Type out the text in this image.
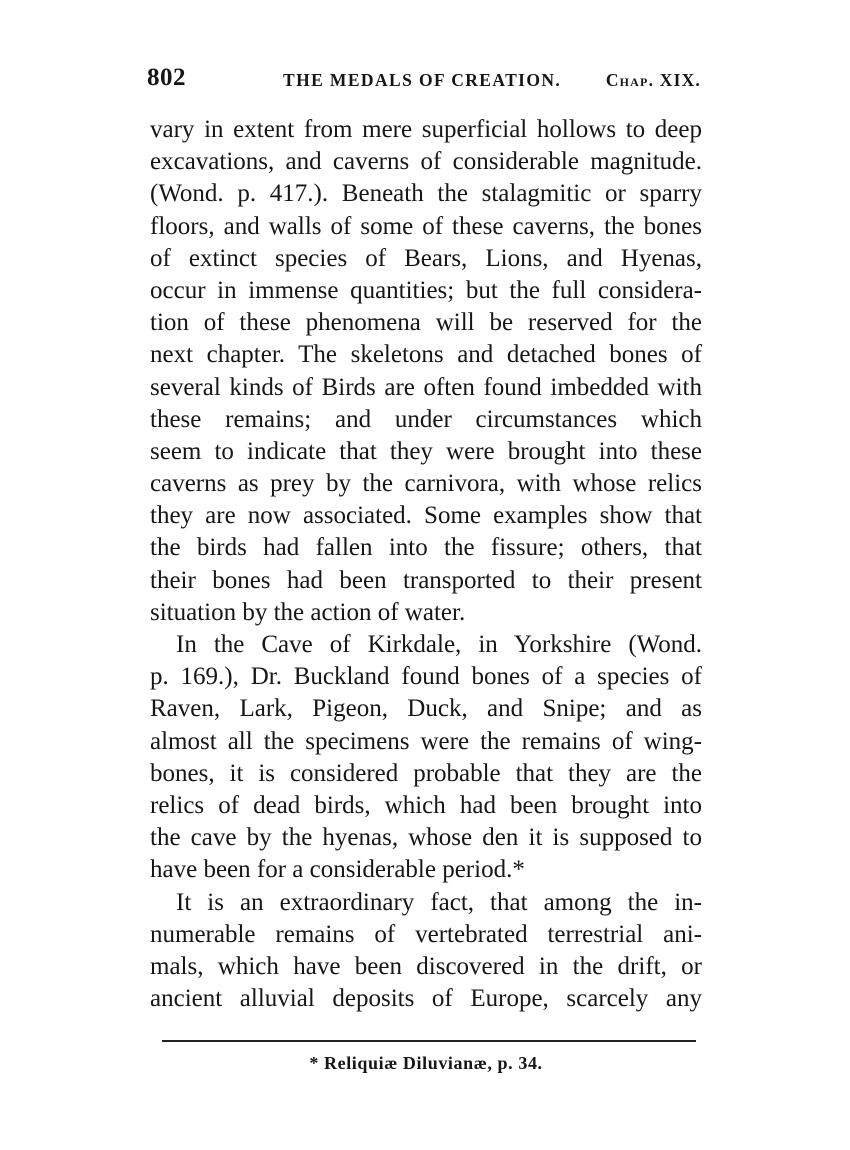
802	THE MEDALS OF CREATION.	Chap. XIX.
vary in extent from mere superficial hollows to deep
excavations, and caverns of considerable magnitude.
(Wond. p. 417.). Beneath the stalagmitic or sparry
floors, and walls of some of these caverns, the bones
of extinct species of Bears, Lions, and Hyenas,
occur in immense quantities; but the full considera-
tion of these phenomena will be reserved for the
next chapter. The skeletons and detached bones of
several kinds of Birds are often found imbedded with
these remains; and under circumstances which
seem to indicate that they were brought into these
caverns as prey by the carnivora, with whose relics
they are now associated. Some examples show that
the birds had fallen into the fissure; others, that
their bones had been transported to their present
situation by the action of water.
In the Cave of Kirkdale, in Yorkshire (Wond.
p. 169.), Dr. Buckland found bones of a species of
Raven, Lark, Pigeon, Duck, and Snipe; and as
almost all the specimens were the remains of wing-
bones, it is considered probable that they are the
relics of dead birds, which had been brought into
the cave by the hyenas, whose den it is supposed to
have been for a considerable period.*
It is an extraordinary fact, that among the in-
numerable remains of vertebrated terrestrial ani-
mals, which have been discovered in the drift, or
ancient alluvial deposits of Europe, scarcely any
* Reliquiæ Diluvianæ, p. 34.
